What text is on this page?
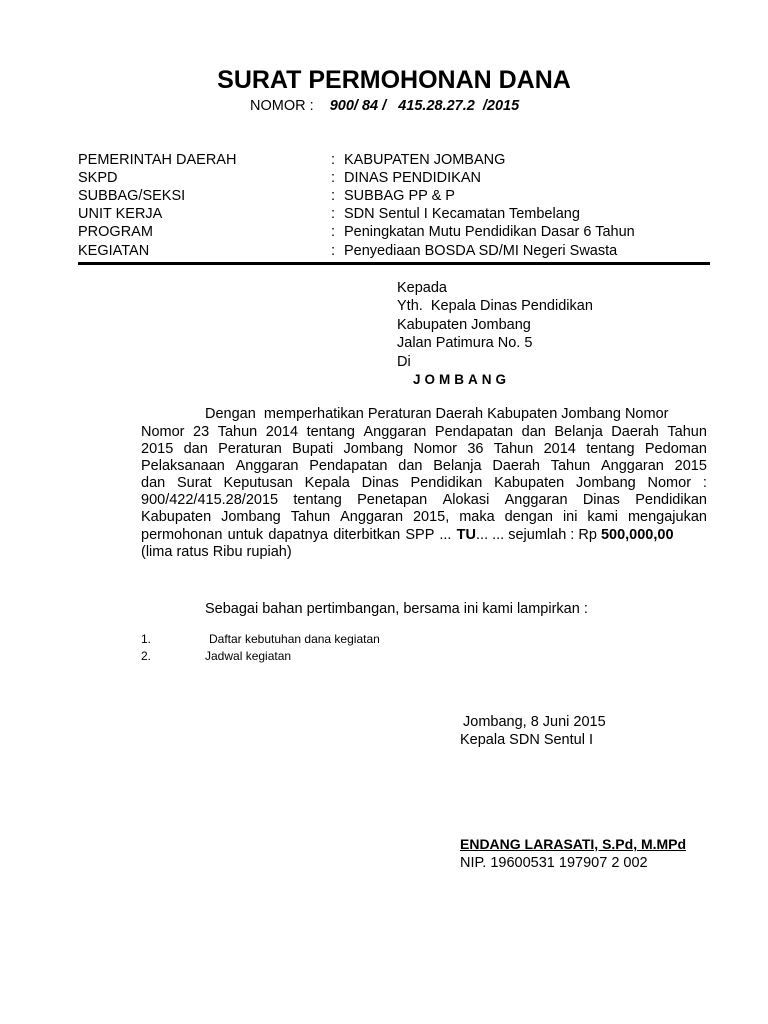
SURAT PERMOHONAN DANA
NOMOR : 900/ 84 /   415.28.27.2  /2015
PEMERINTAH DAERAH	: KABUPATEN JOMBANG
SKPD	: DINAS PENDIDIKAN
SUBBAG/SEKSI	: SUBBAG PP & P
UNIT KERJA	: SDN Sentul I Kecamatan Tembelang
PROGRAM	: Peningkatan Mutu Pendidikan Dasar 6 Tahun
KEGIATAN	: Penyediaan BOSDA SD/MI Negeri Swasta
Kepada
Yth.  Kepala Dinas Pendidikan
Kabupaten Jombang
Jalan Patimura No. 5
Di
JOMBANG
Dengan  memperhatikan Peraturan Daerah Kabupaten Jombang Nomor
Nomor 23 Tahun 2014 tentang Anggaran Pendapatan dan Belanja Daerah Tahun
2015 dan Peraturan Bupati Jombang Nomor 36 Tahun 2014 tentang Pedoman
Pelaksanaan Anggaran Pendapatan dan Belanja Daerah Tahun Anggaran 2015
dan Surat Keputusan Kepala Dinas Pendidikan Kabupaten Jombang Nomor :
900/422/415.28/2015 tentang Penetapan Alokasi Anggaran Dinas Pendidikan
Kabupaten Jombang Tahun Anggaran 2015, maka dengan ini kami mengajukan
permohonan untuk dapatnya diterbitkan SPP ... TU ... ... sejumlah : Rp 500,000,00
(lima ratus Ribu rupiah)
Sebagai bahan pertimbangan, bersama ini kami lampirkan :
1.	Daftar kebutuhan dana kegiatan
2.	Jadwal kegiatan
Jombang, 8 Juni 2015
Kepala SDN Sentul I
ENDANG LARASATI, S.Pd, M.MPd
NIP. 19600531 197907 2 002
